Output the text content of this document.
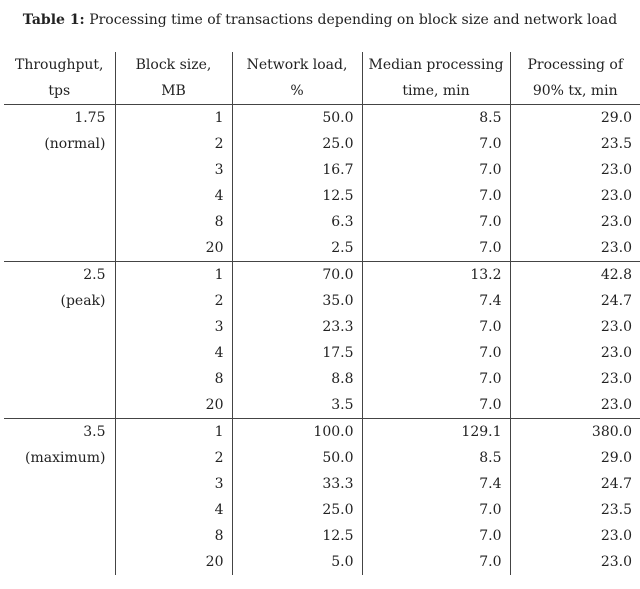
Table 1: Processing time of transactions depending on block size and network load
Throughput,	Block size,	Network load,	Median processing	Processing of
tps	MB	%	time, min	90% tx, min
1.75	1	50.0	8.5	29.0
(normal)	2	25.0	7.0	23.5
	3	16.7	7.0	23.0
	4	12.5	7.0	23.0
	8	6.3	7.0	23.0
	20	2.5	7.0	23.0
2.5	1	70.0	13.2	42.8
(peak)	2	35.0	7.4	24.7
	3	23.3	7.0	23.0
	4	17.5	7.0	23.0
	8	8.8	7.0	23.0
	20	3.5	7.0	23.0
3.5	1	100.0	129.1	380.0
(maximum)	2	50.0	8.5	29.0
	3	33.3	7.4	24.7
	4	25.0	7.0	23.5
	8	12.5	7.0	23.0
	20	5.0	7.0	23.0
